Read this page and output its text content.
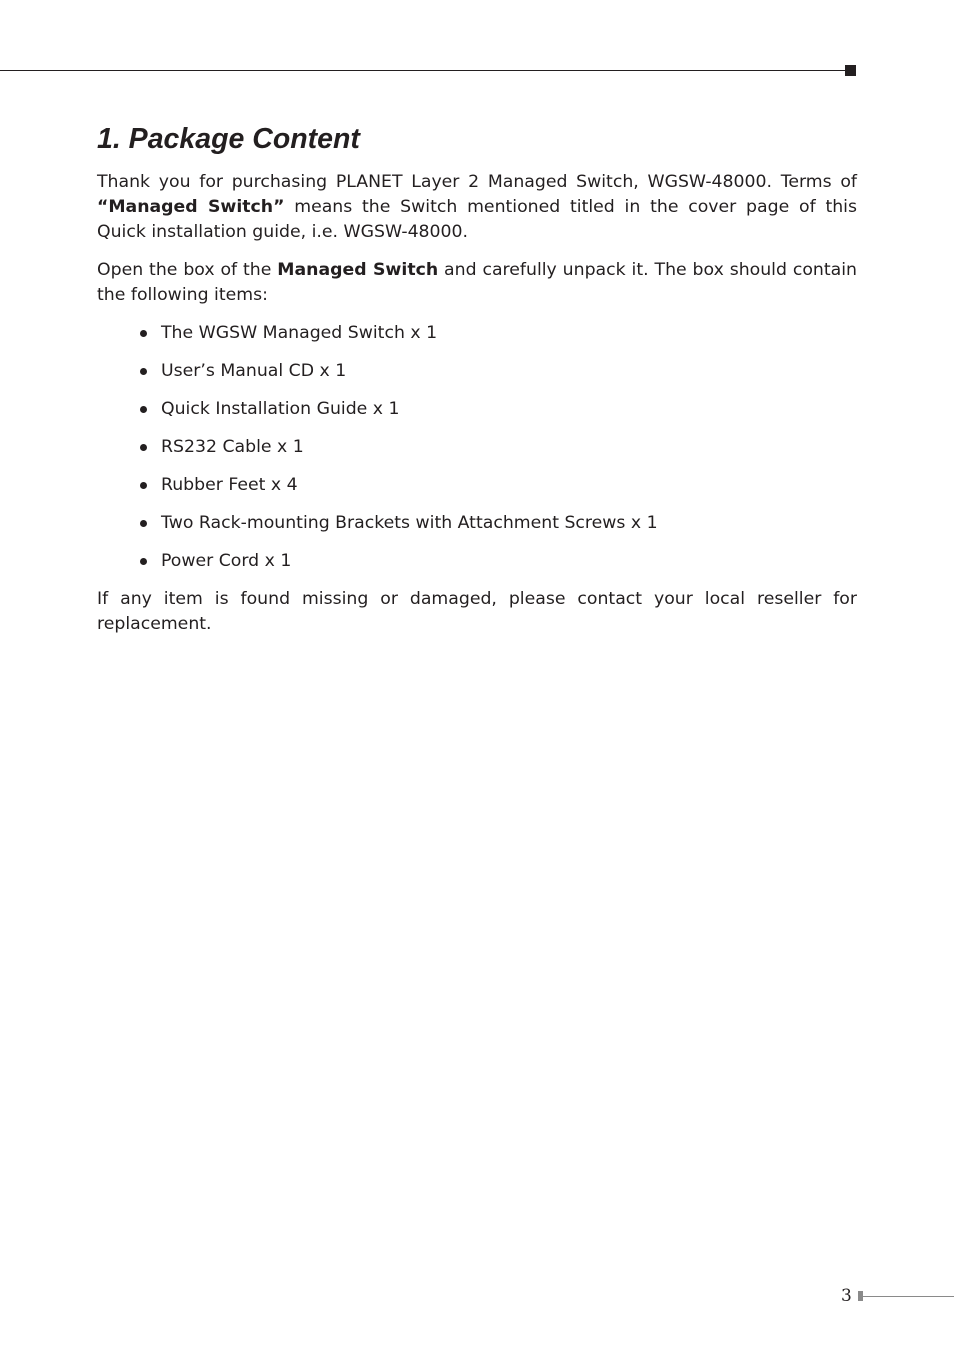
1. Package Content

Thank you for purchasing PLANET Layer 2 Managed Switch, WGSW-48000. Terms of “Managed Switch” means the Switch mentioned titled in the cover page of this Quick installation guide, i.e. WGSW-48000.

Open the box of the Managed Switch and carefully unpack it. The box should contain the following items:

The WGSW Managed Switch x 1
User’s Manual CD x 1
Quick Installation Guide x 1
RS232 Cable x 1
Rubber Feet x 4
Two Rack-mounting Brackets with Attachment Screws x 1
Power Cord x 1

If any item is found missing or damaged, please contact your local reseller for replacement.

3
